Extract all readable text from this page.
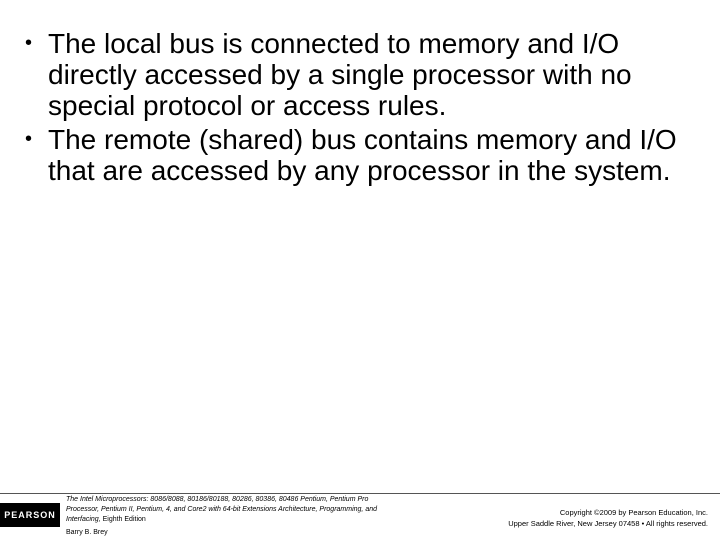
• The local bus is connected to memory and I/O directly accessed by a single processor with no special protocol or access rules.
• The remote (shared) bus contains memory and I/O that are accessed by any processor in the system.
PEARSON
The Intel Microprocessors: 8086/8088, 80186/80188, 80286, 80386, 80486 Pentium, Pentium Pro Processor, Pentium II, Pentium, 4, and Core2 with 64-bit Extensions Architecture, Programming, and Interfacing, Eighth Edition
Barry B. Brey
Copyright ©2009 by Pearson Education, Inc.
Upper Saddle River, New Jersey 07458 • All rights reserved.
